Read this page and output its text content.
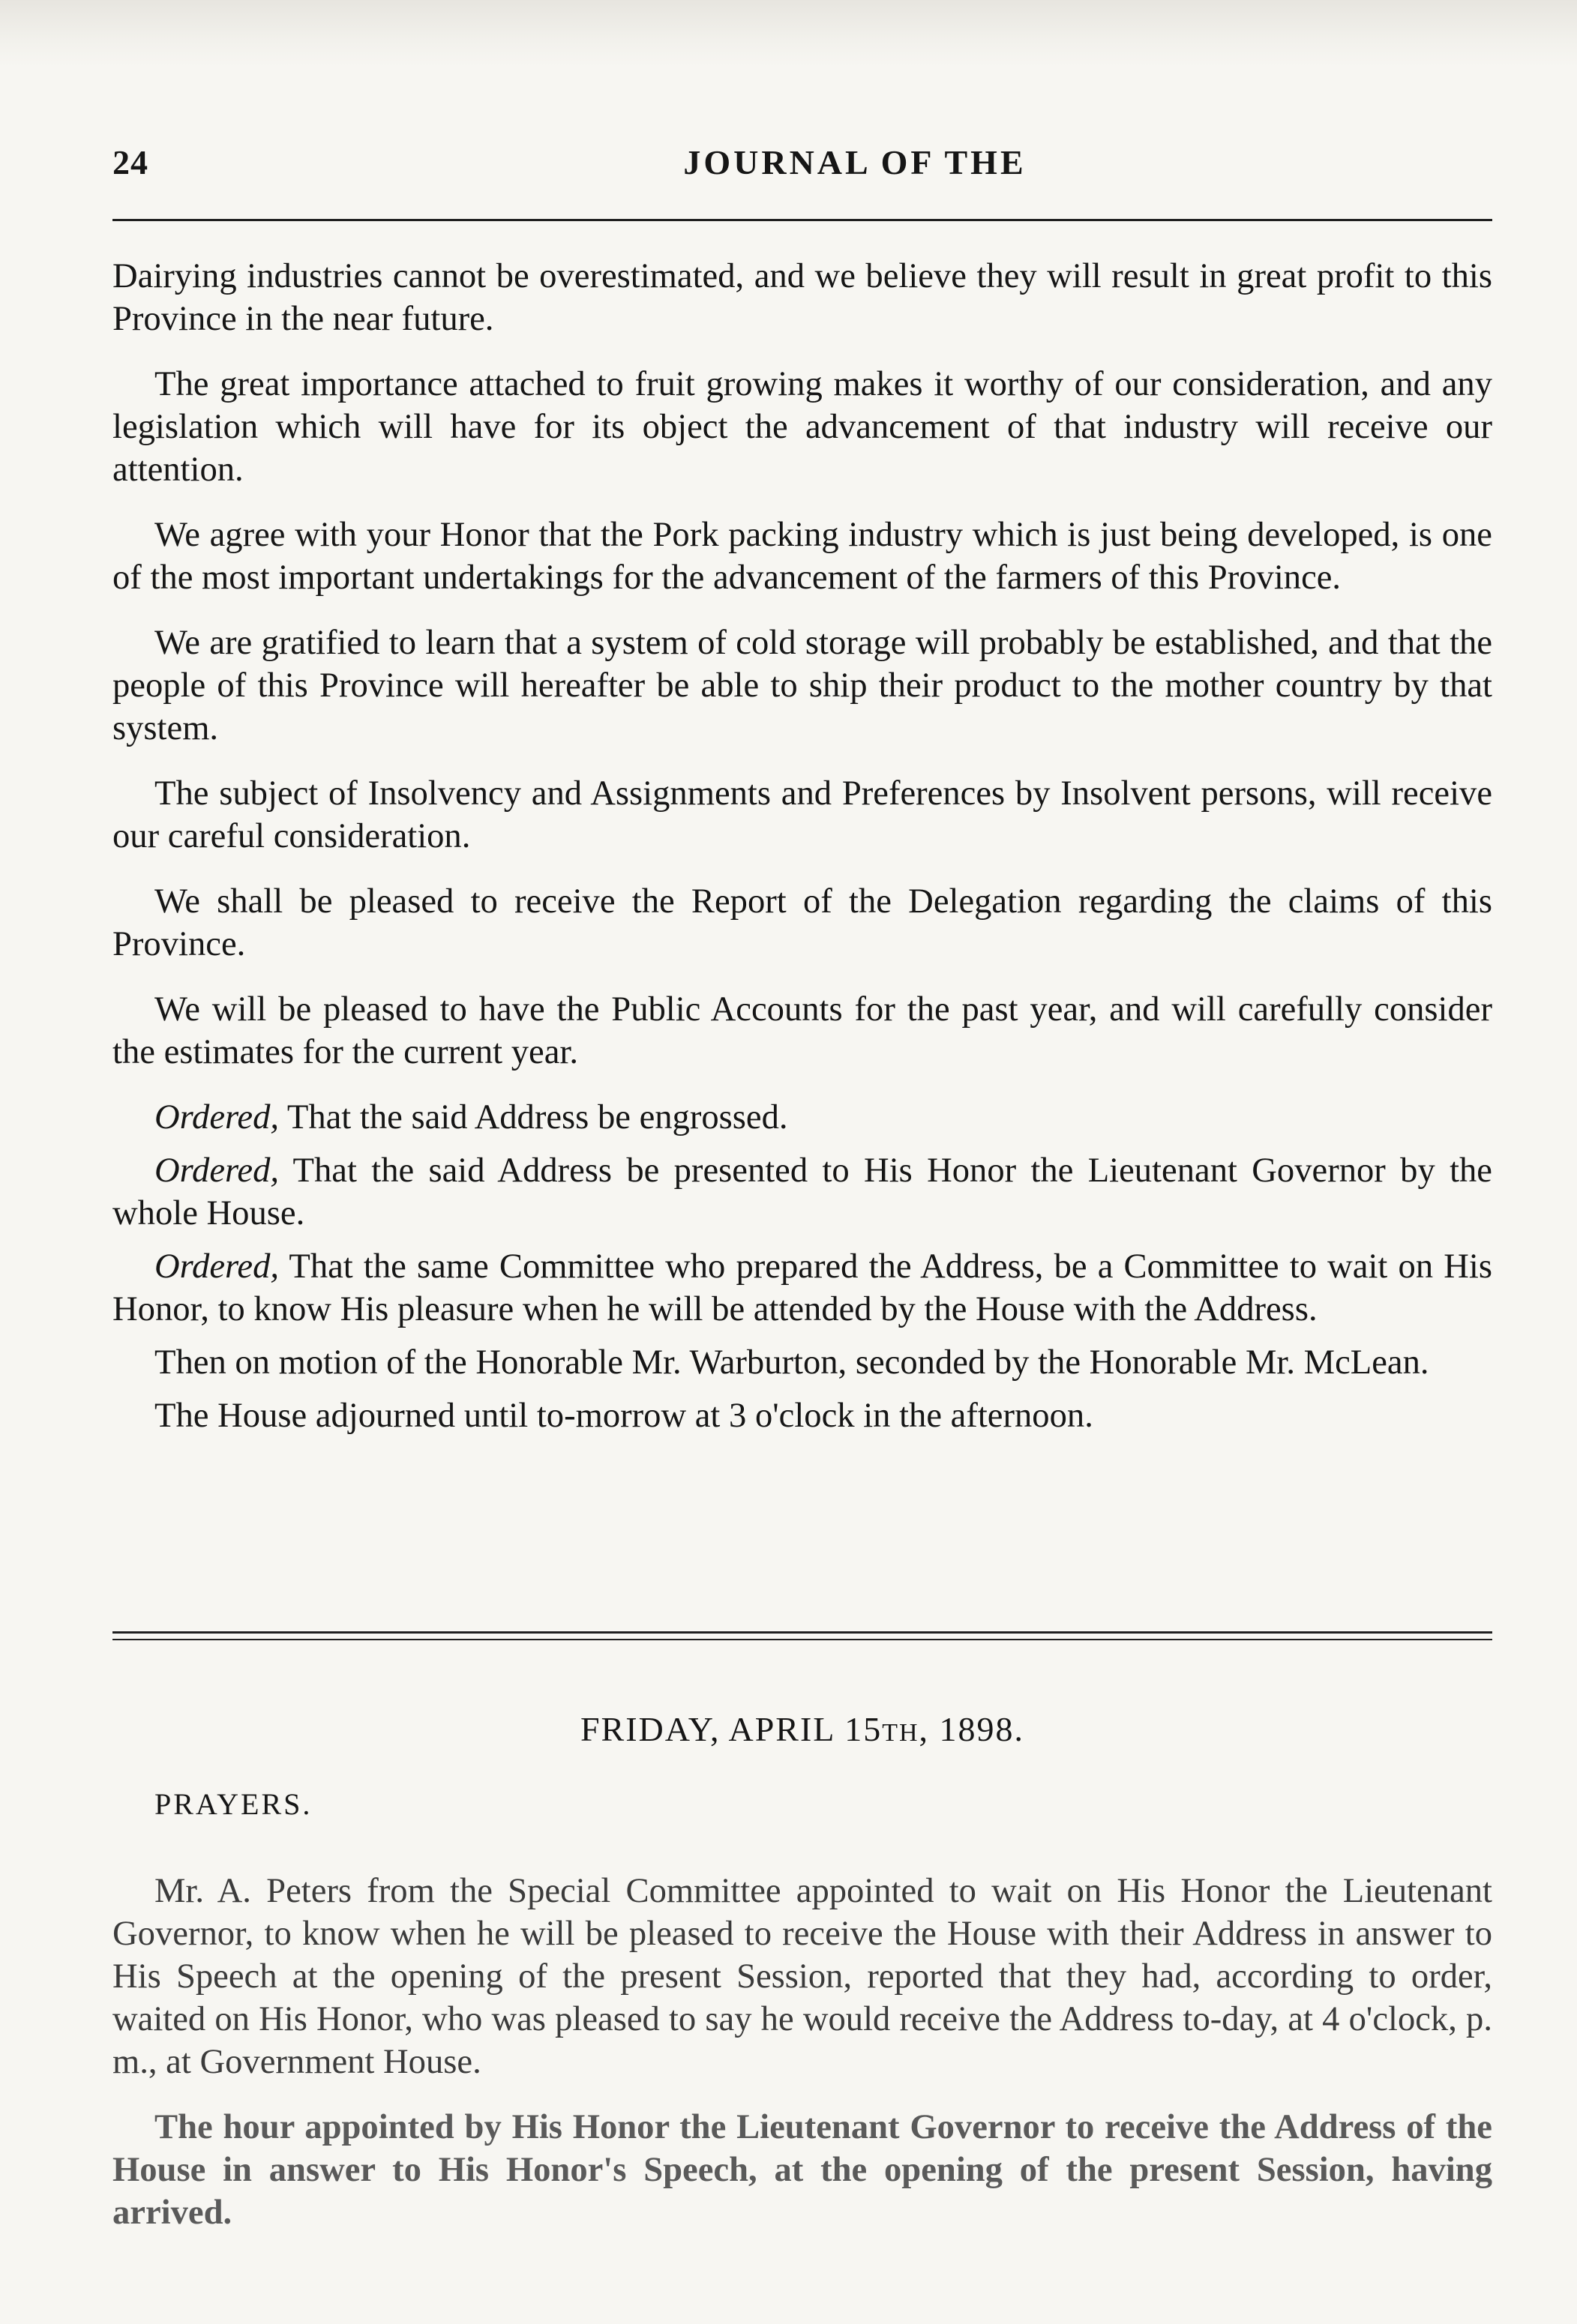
24	JOURNAL OF THE

Dairying industries cannot be overestimated, and we believe they will result in great profit to this Province in the near future.

The great importance attached to fruit growing makes it worthy of our consideration, and any legislation which will have for its object the advancement of that industry will receive our attention.

We agree with your Honor that the Pork packing industry which is just being developed, is one of the most important undertakings for the advancement of the farmers of this Province.

We are gratified to learn that a system of cold storage will probably be established, and that the people of this Province will hereafter be able to ship their product to the mother country by that system.

The subject of Insolvency and Assignments and Preferences by Insolvent persons, will receive our careful consideration.

We shall be pleased to receive the Report of the Delegation regarding the claims of this Province.

We will be pleased to have the Public Accounts for the past year, and will carefully consider the estimates for the current year.

Ordered, That the said Address be engrossed.

Ordered, That the said Address be presented to His Honor the Lieutenant Governor by the whole House.

Ordered, That the same Committee who prepared the Address, be a Committee to wait on His Honor, to know His pleasure when he will be attended by the House with the Address.

Then on motion of the Honorable Mr. Warburton, seconded by the Honorable Mr. McLean.

The House adjourned until to-morrow at 3 o'clock in the afternoon.

FRIDAY, APRIL 15TH, 1898.

PRAYERS.

Mr. A. Peters from the Special Committee appointed to wait on His Honor the Lieutenant Governor, to know when he will be pleased to receive the House with their Address in answer to His Speech at the opening of the present Session, reported that they had, according to order, waited on His Honor, who was pleased to say he would receive the Address to-day, at 4 o'clock, p. m., at Government House.

The hour appointed by His Honor the Lieutenant Governor to receive the Address of the House in answer to His Honor's Speech, at the opening of the present Session, having arrived.
